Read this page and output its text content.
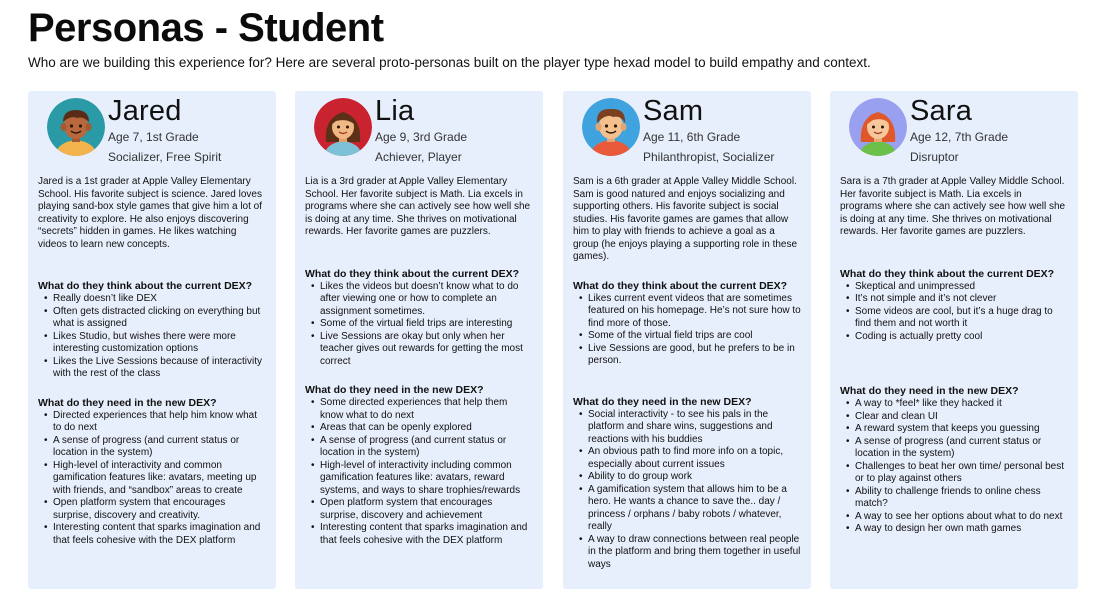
Personas - Student
Who are we building this experience for? Here are several proto-personas built on the player type hexad model to build empathy and context.
Jared
Age 7, 1st Grade
Socializer, Free Spirit

Jared is a 1st grader at Apple Valley Elementary School. His favorite subject is science. Jared loves playing sand-box style games that give him a lot of creativity to explore. He also enjoys discovering “secrets” hidden in games. He likes watching videos to learn new concepts.

What do they think about the current DEX?
• Really doesn’t like DEX
• Often gets distracted clicking on everything but what is assigned
• Likes Studio, but wishes there were more interesting customization options
• Likes the Live Sessions because of interactivity with the rest of the class
What do they need in the new DEX?
• Directed experiences that help him know what to do next
• A sense of progress (and current status or location in the system)
• High-level of interactivity and common gamification features like: avatars, meeting up with friends, and “sandbox” areas to create
• Open platform system that encourages surprise, discovery and creativity.
• Interesting content that sparks imagination and that feels cohesive with the DEX platform
Lia
Age 9, 3rd Grade
Achiever, Player

Lia is a 3rd grader at Apple Valley Elementary School. Her favorite subject is Math. Lia excels in programs where she can actively see how well she is doing at any time. She thrives on motivational rewards. Her favorite games are puzzlers.

What do they think about the current DEX?
• Likes the videos but doesn’t know what to do after viewing one or how to complete an assignment sometimes.
• Some of the virtual field trips are interesting
• Live Sessions are okay but only when her teacher gives out rewards for getting the most correct
What do they need in the new DEX?
• Some directed experiences that help them know what to do next
• Areas that can be openly explored
• A sense of progress (and current status or location in the system)
• High-level of interactivity including common gamification features like: avatars, reward systems, and ways to share trophies/rewards
• Open platform system that encourages surprise, discovery and achievement
• Interesting content that sparks imagination and that feels cohesive with the DEX platform
Sam
Age 11, 6th Grade
Philanthropist, Socializer

Sam is a 6th grader at Apple Valley Middle School. Sam is good natured and enjoys socializing and supporting others. His favorite subject is social studies. His favorite games are games that allow him to play with friends to achieve a goal as a group (he enjoys playing a supporting role in these games).

What do they think about the current DEX?
• Likes current event videos that are sometimes featured on his homepage. He’s not sure how to find more of those.
• Some of the virtual field trips are cool
• Live Sessions are good, but he prefers to be in person.
What do they need in the new DEX?
• Social interactivity - to see his pals in the platform and share wins, suggestions and reactions with his buddies
• An obvious path to find more info on a topic, especially about current issues
• Ability to do group work
• A gamification system that allows him to be a hero. He wants a chance to save the.. day / princess / orphans / baby robots / whatever, really
• A way to draw connections between real people in the platform and bring them together in useful ways
Sara
Age 12, 7th Grade
Disruptor

Sara is a 7th grader at Apple Valley Middle School. Her favorite subject is Math. Lia excels in programs where she can actively see how well she is doing at any time. She thrives on motivational rewards. Her favorite games are puzzlers.

What do they think about the current DEX?
• Skeptical and unimpressed
• It’s not simple and it’s not clever
• Some videos are cool, but it’s a huge drag to find them and not worth it
• Coding is actually pretty cool
What do they need in the new DEX?
• A way to *feel* like they hacked it
• Clear and clean UI
• A reward system that keeps you guessing
• A sense of progress (and current status or location in the system)
• Challenges to beat her own time/ personal best or to play against others
• Ability to challenge friends to online chess match?
• A way to see her options about what to do next
• A way to design her own math games
